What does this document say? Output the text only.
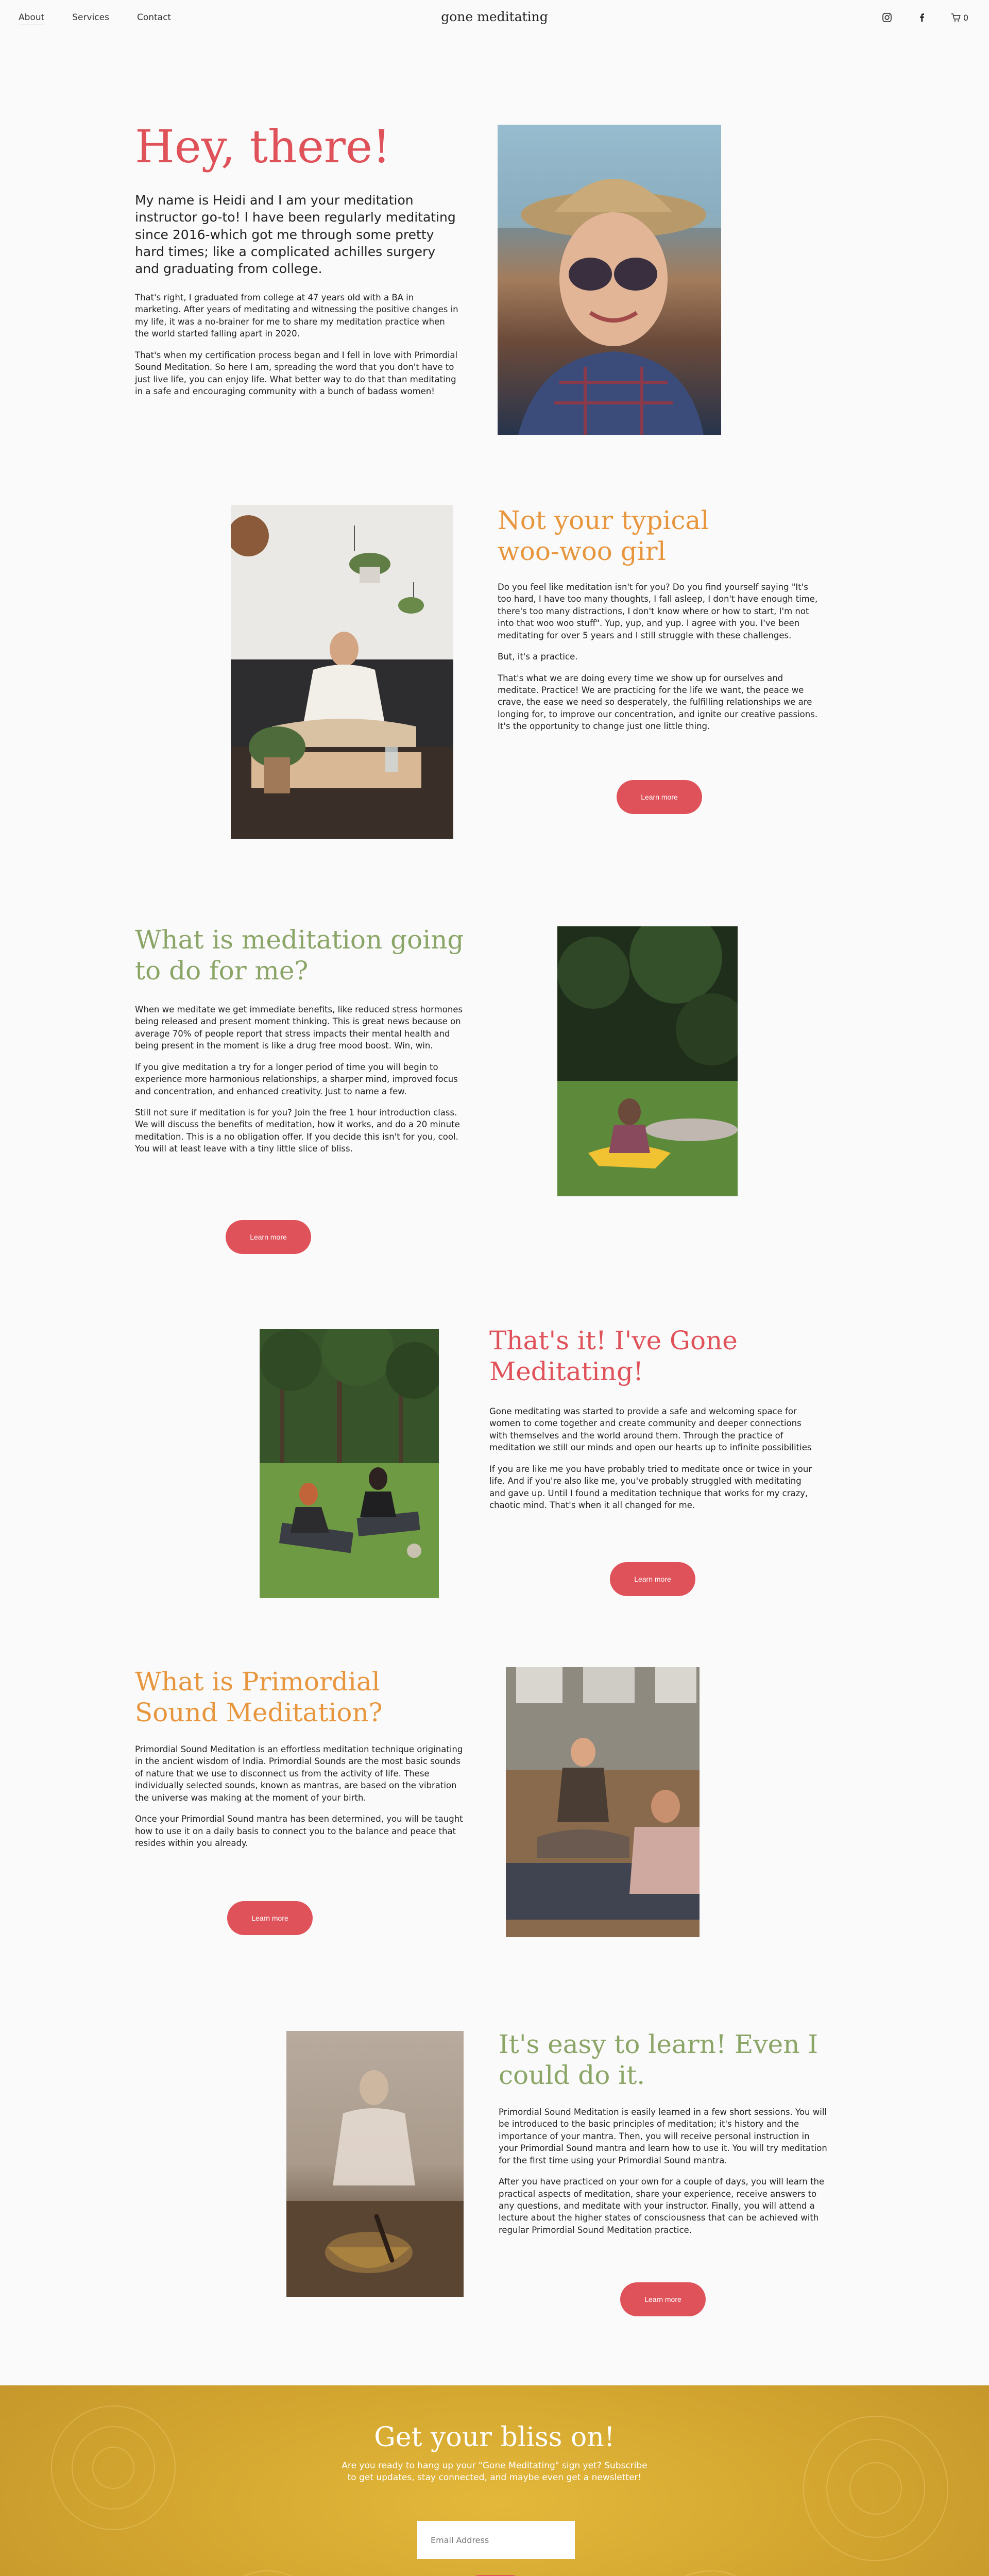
About	Services	Contact	gone meditating	0
Hey, there!
My name is Heidi and I am your meditation instructor go-to! I have been regularly meditating since 2016-which got me through some pretty hard times; like a complicated achilles surgery and graduating from college.

That's right, I graduated from college at 47 years old with a BA in marketing. After years of meditating and witnessing the positive changes in my life, it was a no-brainer for me to share my meditation practice when the world started falling apart in 2020.

That's when my certification process began and I fell in love with Primordial Sound Meditation. So here I am, spreading the word that you don't have to just live life, you can enjoy life. What better way to do that than meditating in a safe and encouraging community with a bunch of badass women!

Not your typical woo-woo girl

Do you feel like meditation isn't for you? Do you find yourself saying "It's too hard, I have too many thoughts, I fall asleep, I don't have enough time, there's too many distractions, I don't know where or how to start, I'm not into that woo woo stuff". Yup, yup, and yup. I agree with you. I've been meditating for over 5 years and I still struggle with these challenges.

But, it's a practice.

That's what we are doing every time we show up for ourselves and meditate. Practice! We are practicing for the life we want, the peace we crave, the ease we need so desperately, the fulfilling relationships we are longing for, to improve our concentration, and ignite our creative passions. It's the opportunity to change just one little thing.

Learn more
What is meditation going to do for me?

When we meditate we get immediate benefits, like reduced stress hormones being released and present moment thinking. This is great news because on average 70% of people report that stress impacts their mental health and being present in the moment is like a drug free mood boost. Win, win.

If you give meditation a try for a longer period of time you will begin to experience more harmonious relationships, a sharper mind, improved focus and concentration, and enhanced creativity. Just to name a few.

Still not sure if meditation is for you? Join the free 1 hour introduction class. We will discuss the benefits of meditation, how it works, and do a 20 minute meditation. This is a no obligation offer. If you decide this isn't for you, cool. You will at least leave with a tiny little slice of bliss.

Learn more
That's it! I've Gone Meditating!

Gone meditating was started to provide a safe and welcoming space for women to come together and create community and deeper connections with themselves and the world around them. Through the practice of meditation we still our minds and open our hearts up to infinite possibilities

If you are like me you have probably tried to meditate once or twice in your life. And if you're also like me, you've probably struggled with meditating and gave up. Until I found a meditation technique that works for my crazy, chaotic mind. That's when it all changed for me.

Learn more
What is Primordial Sound Meditation?

Primordial Sound Meditation is an effortless meditation technique originating in the ancient wisdom of India. Primordial Sounds are the most basic sounds of nature that we use to disconnect us from the activity of life. These individually selected sounds, known as mantras, are based on the vibration the universe was making at the moment of your birth.

Once your Primordial Sound mantra has been determined, you will be taught how to use it on a daily basis to connect you to the balance and peace that resides within you already.

Learn more
It's easy to learn! Even I could do it.

Primordial Sound Meditation is easily learned in a few short sessions. You will be introduced to the basic principles of meditation; it's history and the importance of your mantra. Then, you will receive personal instruction in your Primordial Sound mantra and learn how to use it. You will try meditation for the first time using your Primordial Sound mantra.

After you have practiced on your own for a couple of days, you will learn the practical aspects of meditation, share your experience, receive answers to any questions, and meditate with your instructor. Finally, you will attend a lecture about the higher states of consciousness that can be achieved with regular Primordial Sound Meditation practice.

Learn more
Get your bliss on!
Are you ready to hang up your "Gone Meditating" sign yet? Subscribe to get updates, stay connected, and maybe even get a newsletter!
Email Address
